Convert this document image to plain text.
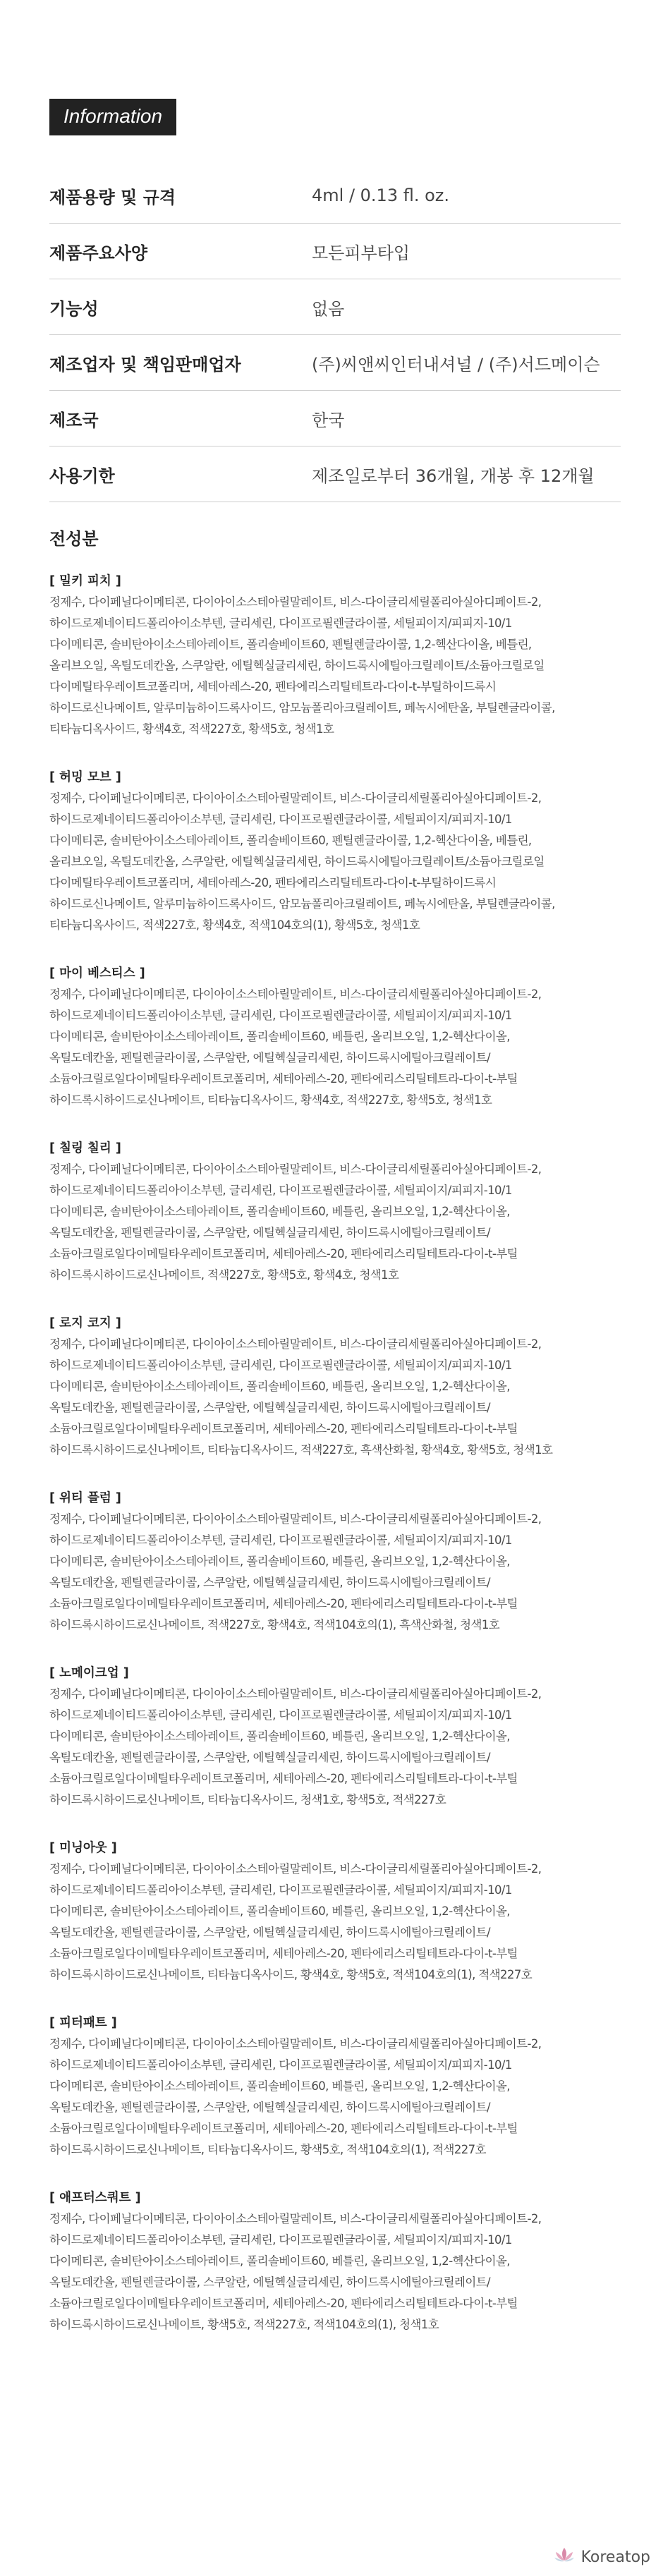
Information
제품용량 및 규격	4ml / 0.13 fl. oz.
제품주요사양	모든피부타입
기능성	없음
제조업자 및 책임판매업자	(주)씨앤씨인터내셔널 / (주)서드메이슨
제조국	한국
사용기한	제조일로부터 36개월, 개봉 후 12개월
전성분
[ 밀키 피치 ]
정제수, 다이페닐다이메티콘, 다이아이소스테아릴말레이트, 비스-다이글리세릴폴리아실아디페이트-2,
하이드로제네이티드폴리아이소부텐, 글리세린, 다이프로필렌글라이콜, 세틸피이지/피피지-10/1
다이메티콘, 솔비탄아이소스테아레이트, 폴리솔베이트60, 펜틸렌글라이콜, 1,2-헥산다이올, 베틀린,
올리브오일, 옥틸도데칸올, 스쿠알란, 에틸헥실글리세린, 하이드록시에틸아크릴레이트/소듐아크릴로일
다이메틸타우레이트코폴리머, 세테아레스-20, 펜타에리스리틸테트라-다이-t-부틸하이드록시
하이드로신나메이트, 알루미늄하이드록사이드, 암모늄폴리아크릴레이트, 페녹시에탄올, 부틸렌글라이콜,
티타늄디옥사이드, 황색4호, 적색227호, 황색5호, 청색1호
[ 허밍 모브 ]
정제수, 다이페닐다이메티콘, 다이아이소스테아릴말레이트, 비스-다이글리세릴폴리아실아디페이트-2,
하이드로제네이티드폴리아이소부텐, 글리세린, 다이프로필렌글라이콜, 세틸피이지/피피지-10/1
다이메티콘, 솔비탄아이소스테아레이트, 폴리솔베이트60, 펜틸렌글라이콜, 1,2-헥산다이올, 베틀린,
올리브오일, 옥틸도데칸올, 스쿠알란, 에틸헥실글리세린, 하이드록시에틸아크릴레이트/소듐아크릴로일
다이메틸타우레이트코폴리머, 세테아레스-20, 펜타에리스리틸테트라-다이-t-부틸하이드록시
하이드로신나메이트, 알루미늄하이드록사이드, 암모늄폴리아크릴레이트, 페녹시에탄올, 부틸렌글라이콜,
티타늄디옥사이드, 적색227호, 황색4호, 적색104호의(1), 황색5호, 청색1호
[ 마이 베스티스 ]
정제수, 다이페닐다이메티콘, 다이아이소스테아릴말레이트, 비스-다이글리세릴폴리아실아디페이트-2,
하이드로제네이티드폴리아이소부텐, 글리세린, 다이프로필렌글라이콜, 세틸피이지/피피지-10/1
다이메티콘, 솔비탄아이소스테아레이트, 폴리솔베이트60, 베틀린, 올리브오일, 1,2-헥산다이올,
옥틸도데칸올, 펜틸렌글라이콜, 스쿠알란, 에틸헥실글리세린, 하이드록시에틸아크릴레이트/
소듐아크릴로일다이메틸타우레이트코폴리머, 세테아레스-20, 펜타에리스리틸테트라-다이-t-부틸
하이드록시하이드로신나메이트, 티타늄디옥사이드, 황색4호, 적색227호, 황색5호, 청색1호
[ 칠링 칠리 ]
정제수, 다이페닐다이메티콘, 다이아이소스테아릴말레이트, 비스-다이글리세릴폴리아실아디페이트-2,
하이드로제네이티드폴리아이소부텐, 글리세린, 다이프로필렌글라이콜, 세틸피이지/피피지-10/1
다이메티콘, 솔비탄아이소스테아레이트, 폴리솔베이트60, 베틀린, 올리브오일, 1,2-헥산다이올,
옥틸도데칸올, 펜틸렌글라이콜, 스쿠알란, 에틸헥실글리세린, 하이드록시에틸아크릴레이트/
소듐아크릴로일다이메틸타우레이트코폴리머, 세테아레스-20, 펜타에리스리틸테트라-다이-t-부틸
하이드록시하이드로신나메이트, 적색227호, 황색5호, 황색4호, 청색1호
[ 로지 코지 ]
정제수, 다이페닐다이메티콘, 다이아이소스테아릴말레이트, 비스-다이글리세릴폴리아실아디페이트-2,
하이드로제네이티드폴리아이소부텐, 글리세린, 다이프로필렌글라이콜, 세틸피이지/피피지-10/1
다이메티콘, 솔비탄아이소스테아레이트, 폴리솔베이트60, 베틀린, 올리브오일, 1,2-헥산다이올,
옥틸도데칸올, 펜틸렌글라이콜, 스쿠알란, 에틸헥실글리세린, 하이드록시에틸아크릴레이트/
소듐아크릴로일다이메틸타우레이트코폴리머, 세테아레스-20, 펜타에리스리틸테트라-다이-t-부틸
하이드록시하이드로신나메이트, 티타늄디옥사이드, 적색227호, 흑색산화철, 황색4호, 황색5호, 청색1호
[ 위티 플럼 ]
정제수, 다이페닐다이메티콘, 다이아이소스테아릴말레이트, 비스-다이글리세릴폴리아실아디페이트-2,
하이드로제네이티드폴리아이소부텐, 글리세린, 다이프로필렌글라이콜, 세틸피이지/피피지-10/1
다이메티콘, 솔비탄아이소스테아레이트, 폴리솔베이트60, 베틀린, 올리브오일, 1,2-헥산다이올,
옥틸도데칸올, 펜틸렌글라이콜, 스쿠알란, 에틸헥실글리세린, 하이드록시에틸아크릴레이트/
소듐아크릴로일다이메틸타우레이트코폴리머, 세테아레스-20, 펜타에리스리틸테트라-다이-t-부틸
하이드록시하이드로신나메이트, 적색227호, 황색4호, 적색104호의(1), 흑색산화철, 청색1호
[ 노메이크업 ]
정제수, 다이페닐다이메티콘, 다이아이소스테아릴말레이트, 비스-다이글리세릴폴리아실아디페이트-2,
하이드로제네이티드폴리아이소부텐, 글리세린, 다이프로필렌글라이콜, 세틸피이지/피피지-10/1
다이메티콘, 솔비탄아이소스테아레이트, 폴리솔베이트60, 베틀린, 올리브오일, 1,2-헥산다이올,
옥틸도데칸올, 펜틸렌글라이콜, 스쿠알란, 에틸헥실글리세린, 하이드록시에틸아크릴레이트/
소듐아크릴로일다이메틸타우레이트코폴리머, 세테아레스-20, 펜타에리스리틸테트라-다이-t-부틸
하이드록시하이드로신나메이트, 티타늄디옥사이드, 청색1호, 황색5호, 적색227호
[ 미닝아웃 ]
정제수, 다이페닐다이메티콘, 다이아이소스테아릴말레이트, 비스-다이글리세릴폴리아실아디페이트-2,
하이드로제네이티드폴리아이소부텐, 글리세린, 다이프로필렌글라이콜, 세틸피이지/피피지-10/1
다이메티콘, 솔비탄아이소스테아레이트, 폴리솔베이트60, 베틀린, 올리브오일, 1,2-헥산다이올,
옥틸도데칸올, 펜틸렌글라이콜, 스쿠알란, 에틸헥실글리세린, 하이드록시에틸아크릴레이트/
소듐아크릴로일다이메틸타우레이트코폴리머, 세테아레스-20, 펜타에리스리틸테트라-다이-t-부틸
하이드록시하이드로신나메이트, 티타늄디옥사이드, 황색4호, 황색5호, 적색104호의(1), 적색227호
[ 피터패트 ]
정제수, 다이페닐다이메티콘, 다이아이소스테아릴말레이트, 비스-다이글리세릴폴리아실아디페이트-2,
하이드로제네이티드폴리아이소부텐, 글리세린, 다이프로필렌글라이콜, 세틸피이지/피피지-10/1
다이메티콘, 솔비탄아이소스테아레이트, 폴리솔베이트60, 베틀린, 올리브오일, 1,2-헥산다이올,
옥틸도데칸올, 펜틸렌글라이콜, 스쿠알란, 에틸헥실글리세린, 하이드록시에틸아크릴레이트/
소듐아크릴로일다이메틸타우레이트코폴리머, 세테아레스-20, 펜타에리스리틸테트라-다이-t-부틸
하이드록시하이드로신나메이트, 티타늄디옥사이드, 황색5호, 적색104호의(1), 적색227호
[ 애프터스쿼트 ]
정제수, 다이페닐다이메티콘, 다이아이소스테아릴말레이트, 비스-다이글리세릴폴리아실아디페이트-2,
하이드로제네이티드폴리아이소부텐, 글리세린, 다이프로필렌글라이콜, 세틸피이지/피피지-10/1
다이메티콘, 솔비탄아이소스테아레이트, 폴리솔베이트60, 베틀린, 올리브오일, 1,2-헥산다이올,
옥틸도데칸올, 펜틸렌글라이콜, 스쿠알란, 에틸헥실글리세린, 하이드록시에틸아크릴레이트/
소듐아크릴로일다이메틸타우레이트코폴리머, 세테아레스-20, 펜타에리스리틸테트라-다이-t-부틸
하이드록시하이드로신나메이트, 황색5호, 적색227호, 적색104호의(1), 청색1호
Koreatop
